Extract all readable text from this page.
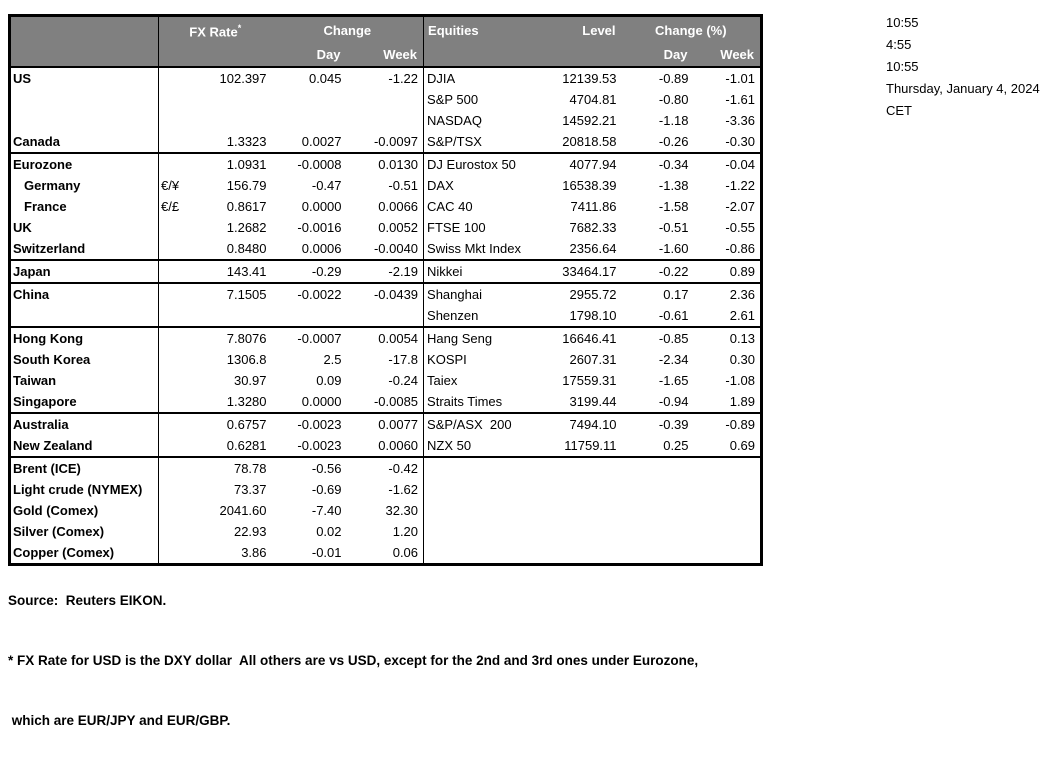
	FX Rate*		Change		Equities	Level	Change (%)	
			Day	Week			Day	Week
US		102.397	0.045	-1.22	DJIA	12139.53	-0.89	-1.01
					S&P 500	4704.81	-0.80	-1.61
					NASDAQ	14592.21	-1.18	-3.36
Canada		1.3323	0.0027	-0.0097	S&P/TSX	20818.58	-0.26	-0.30
Eurozone		1.0931	-0.0008	0.0130	DJ Eurostox 50	4077.94	-0.34	-0.04
Germany	€/¥	156.79	-0.47	-0.51	DAX	16538.39	-1.38	-1.22
France	€/£	0.8617	0.0000	0.0066	CAC 40	7411.86	-1.58	-2.07
UK		1.2682	-0.0016	0.0052	FTSE 100	7682.33	-0.51	-0.55
Switzerland		0.8480	0.0006	-0.0040	Swiss Mkt Index	2356.64	-1.60	-0.86
Japan		143.41	-0.29	-2.19	Nikkei	33464.17	-0.22	0.89
China		7.1505	-0.0022	-0.0439	Shanghai	2955.72	0.17	2.36
					Shenzen	1798.10	-0.61	2.61
Hong Kong		7.8076	-0.0007	0.0054	Hang Seng	16646.41	-0.85	0.13
South Korea		1306.8	2.5	-17.8	KOSPI	2607.31	-2.34	0.30
Taiwan		30.97	0.09	-0.24	Taiex	17559.31	-1.65	-1.08
Singapore		1.3280	0.0000	-0.0085	Straits Times	3199.44	-0.94	1.89
Australia		0.6757	-0.0023	0.0077	S&P/ASX  200	7494.10	-0.39	-0.89
New Zealand		0.6281	-0.0023	0.0060	NZX 50	11759.11	0.25	0.69
Brent (ICE)		78.78	-0.56	-0.42				
Light crude (NYMEX)		73.37	-0.69	-1.62				
Gold (Comex)		2041.60	-7.40	32.30				
Silver (Comex)		22.93	0.02	1.20				
Copper (Comex)		3.86	-0.01	0.06				
10:55
4:55
10:55
Thursday, January 4, 2024
CET

Source:  Reuters EIKON.

* FX Rate for USD is the DXY dollar  All others are vs USD, except for the 2nd and 3rd ones under Eurozone,

which are EUR/JPY and EUR/GBP.
